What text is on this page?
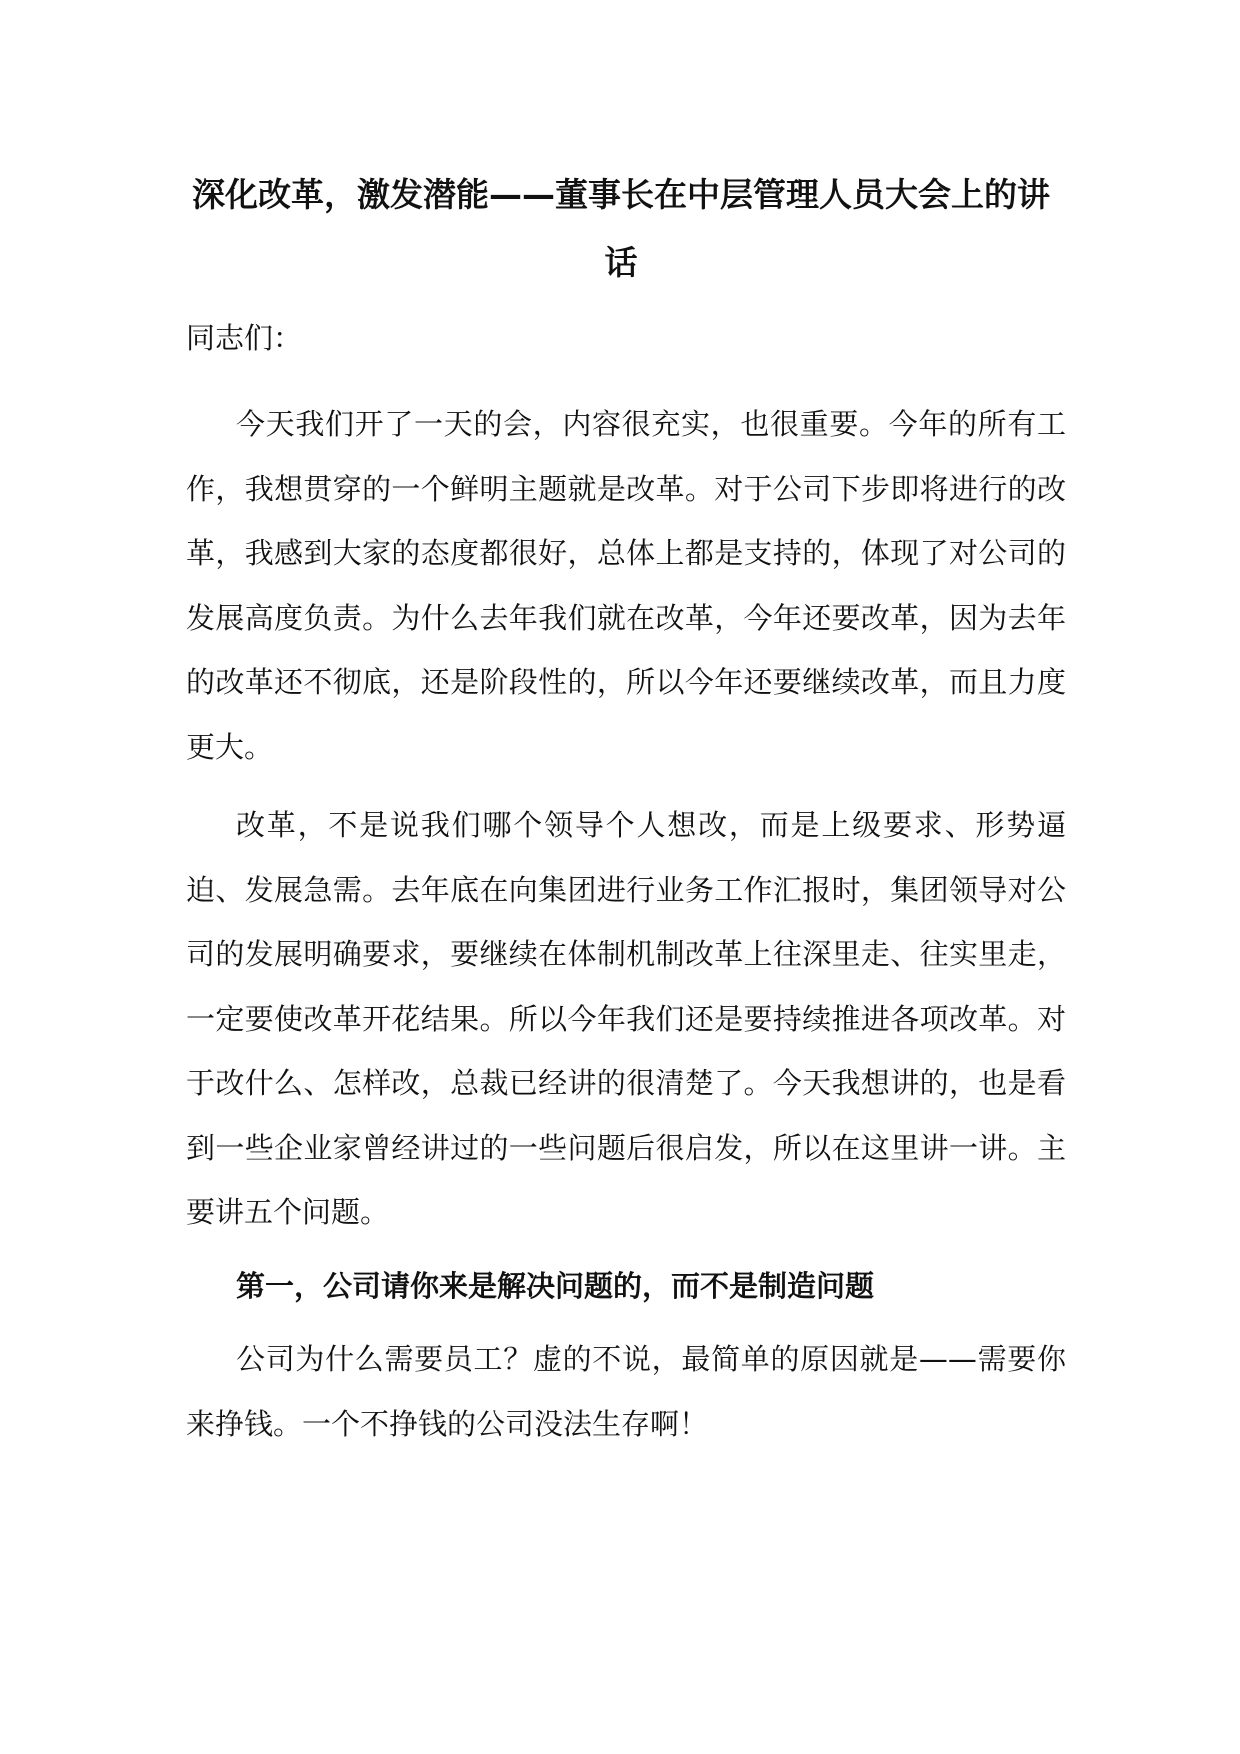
深化改革，激发潜能——董事长在中层管理人员大会上的讲话

同志们：

今天我们开了一天的会，内容很充实，也很重要。今年的所有工作，我想贯穿的一个鲜明主题就是改革。对于公司下步即将进行的改革，我感到大家的态度都很好，总体上都是支持的，体现了对公司的发展高度负责。为什么去年我们就在改革，今年还要改革，因为去年的改革还不彻底，还是阶段性的，所以今年还要继续改革，而且力度更大。

改革，不是说我们哪个领导个人想改，而是上级要求、形势逼迫、发展急需。去年底在向集团进行业务工作汇报时，集团领导对公司的发展明确要求，要继续在体制机制改革上往深里走、往实里走，一定要使改革开花结果。所以今年我们还是要持续推进各项改革。对于改什么、怎样改，总裁已经讲的很清楚了。今天我想讲的，也是看到一些企业家曾经讲过的一些问题后很启发，所以在这里讲一讲。主要讲五个问题。

第一，公司请你来是解决问题的，而不是制造问题

公司为什么需要员工？虚的不说，最简单的原因就是——需要你来挣钱。一个不挣钱的公司没法生存啊！
